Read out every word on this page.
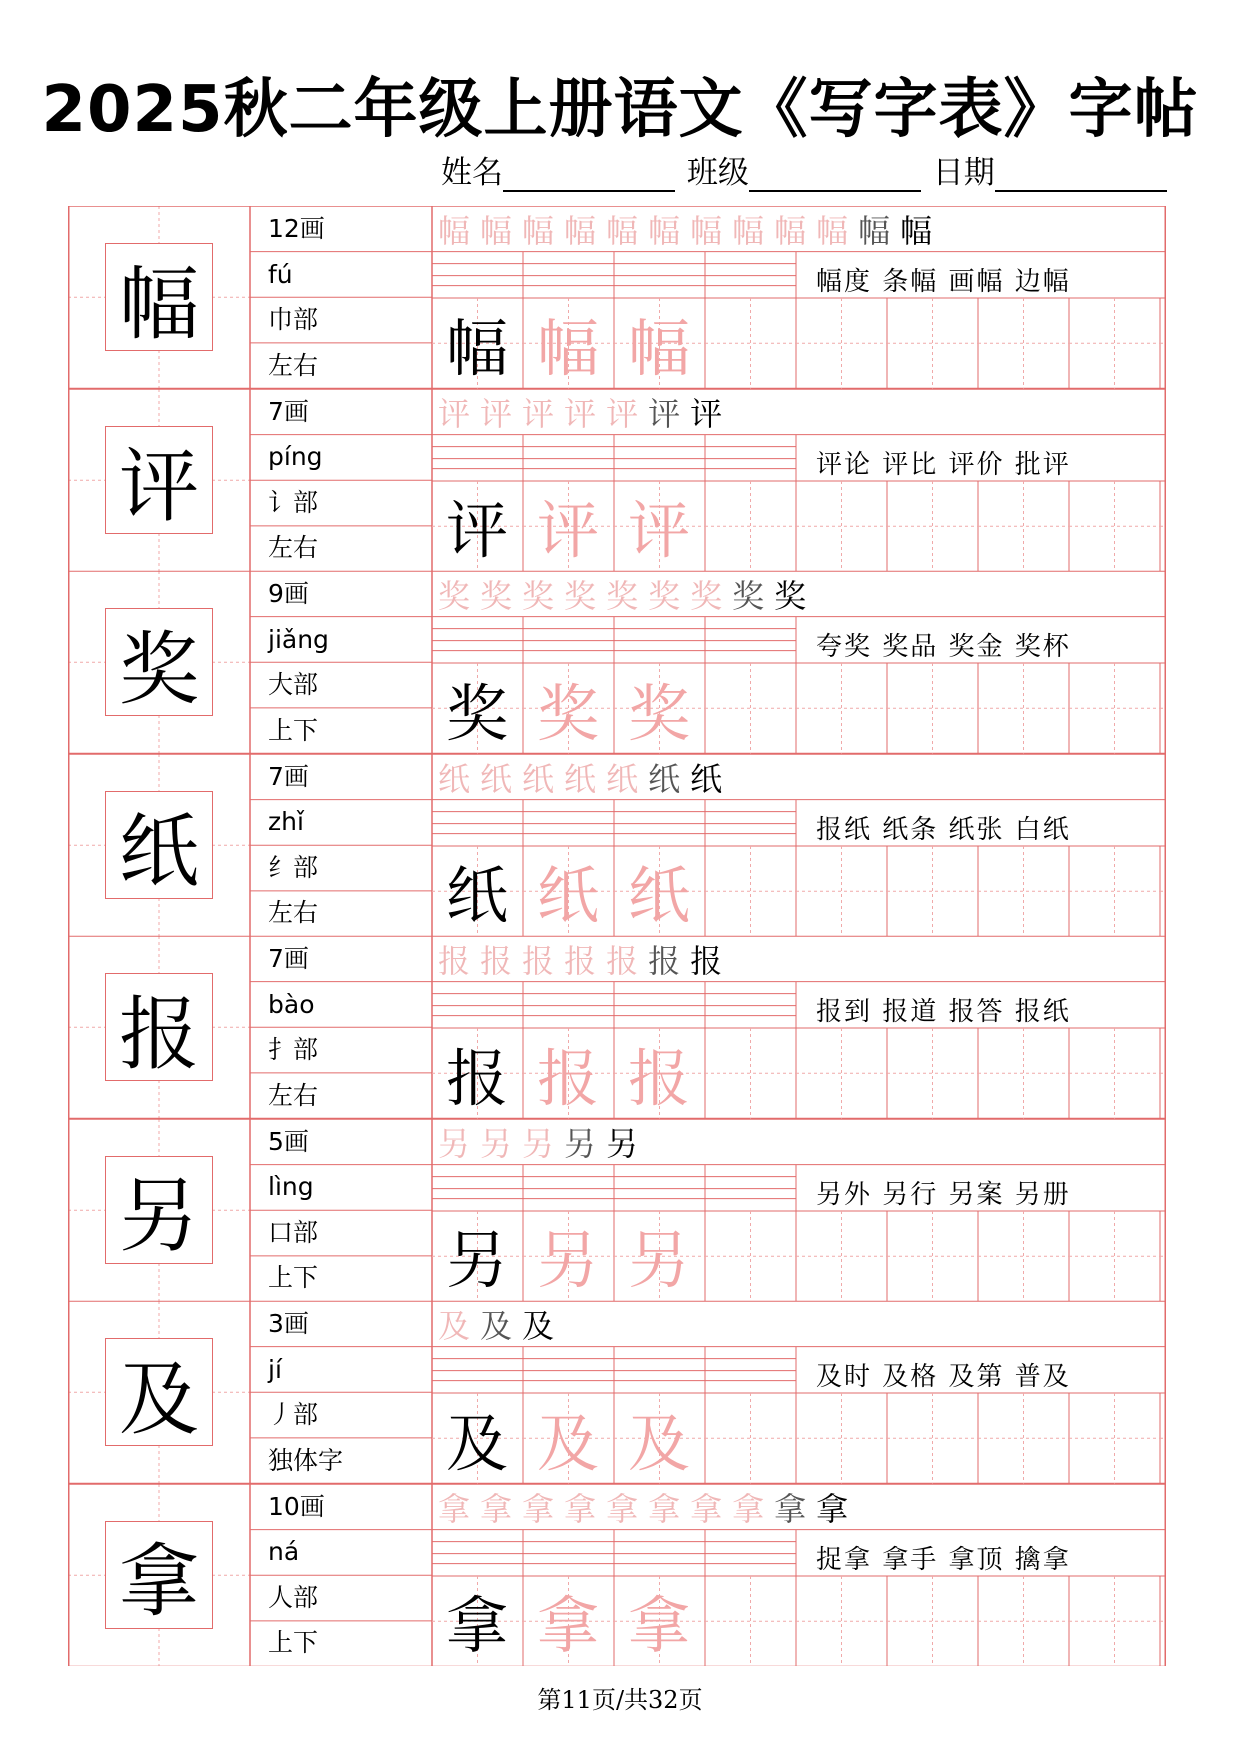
2025秋二年级上册语文《写字表》字帖
姓名	班级	日期
幅
12画
fú
巾部
左右
幅 幅 幅 幅 幅 幅 幅 幅 幅 幅 幅 幅
幅度 条幅 画幅 边幅
幅 幅 幅
评
7画
píng
讠部
左右
评 评 评 评 评 评 评
评论 评比 评价 批评
评 评 评
奖
9画
jiǎng
大部
上下
奖 奖 奖 奖 奖 奖 奖 奖 奖
夸奖 奖品 奖金 奖杯
奖 奖 奖
纸
7画
zhǐ
纟部
左右
纸 纸 纸 纸 纸 纸 纸
报纸 纸条 纸张 白纸
纸 纸 纸
报
7画
bào
扌部
左右
报 报 报 报 报 报 报
报到 报道 报答 报纸
报 报 报
另
5画
lìng
口部
上下
另 另 另 另 另
另外 另行 另案 另册
另 另 另
及
3画
jí
丿部
独体字
及 及 及
及时 及格 及第 普及
及 及 及
拿
10画
ná
人部
上下
拿 拿 拿 拿 拿 拿 拿 拿 拿 拿
捉拿 拿手 拿顶 擒拿
拿 拿 拿
第11页/共32页
